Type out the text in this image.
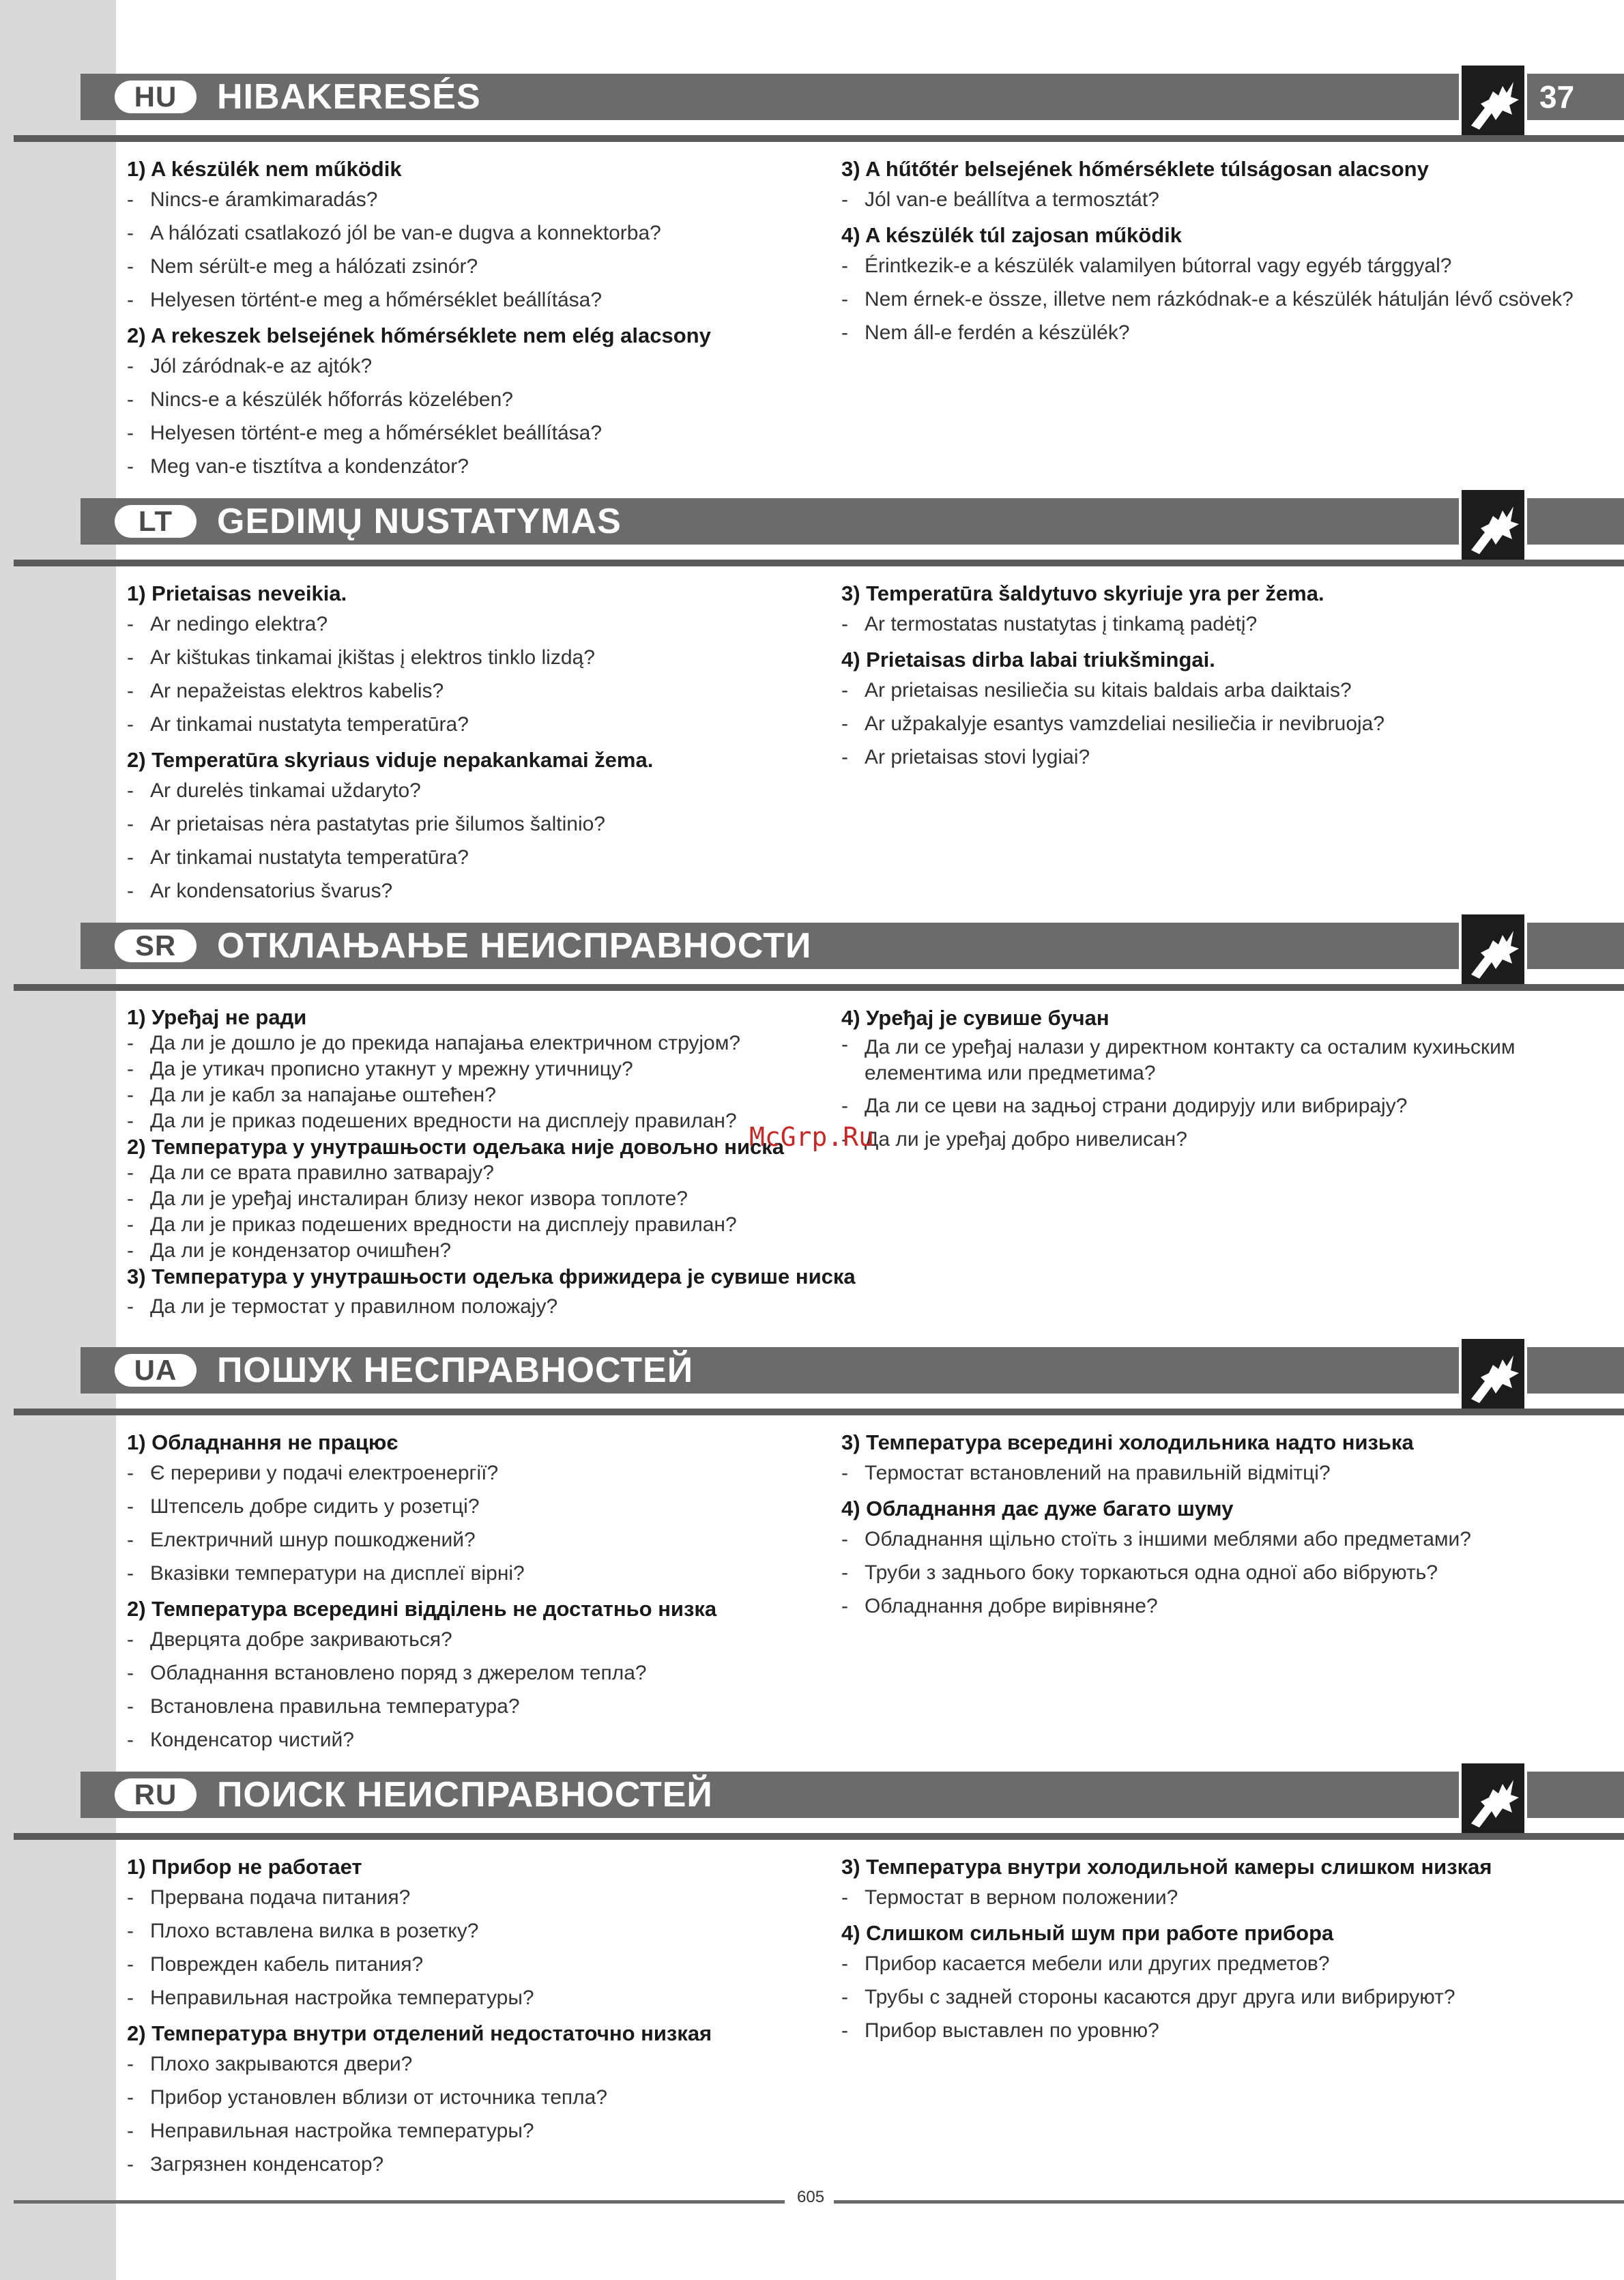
HU	HIBAKERESÉS	37
1) A készülék nem működik
- Nincs-e áramkimaradás?
- A hálózati csatlakozó jól be van-e dugva a konnektorba?
- Nem sérült-e meg a hálózati zsinór?
- Helyesen történt-e meg a hőmérséklet beállítása?
2) A rekeszek belsejének hőmérséklete nem elég alacsony
- Jól záródnak-e az ajtók?
- Nincs-e a készülék hőforrás közelében?
- Helyesen történt-e meg a hőmérséklet beállítása?
- Meg van-e tisztítva a kondenzátor?
3) A hűtőtér belsejének hőmérséklete túlságosan alacsony
- Jól van-e beállítva a termosztát?
4) A készülék túl zajosan működik
- Érintkezik-e a készülék valamilyen bútorral vagy egyéb tárggyal?
- Nem érnek-e össze, illetve nem rázkódnak-e a készülék hátulján lévő csövek?
- Nem áll-e ferdén a készülék?
LT	GEDIMŲ NUSTATYMAS
1) Prietaisas neveikia.
- Ar nedingo elektra?
- Ar kištukas tinkamai įkištas į elektros tinklo lizdą?
- Ar nepažeistas elektros kabelis?
- Ar tinkamai nustatyta temperatūra?
2) Temperatūra skyriaus viduje nepakankamai žema.
- Ar durelės tinkamai uždaryto?
- Ar prietaisas nėra pastatytas prie šilumos šaltinio?
- Ar tinkamai nustatyta temperatūra?
- Ar kondensatorius švarus?
3) Temperatūra šaldytuvo skyriuje yra per žema.
- Ar termostatas nustatytas į tinkamą padėtį?
4) Prietaisas dirba labai triukšmingai.
- Ar prietaisas nesiliečia su kitais baldais arba daiktais?
- Ar užpakalyje esantys vamzdeliai nesiliečia ir nevibruoja?
- Ar prietaisas stovi lygiai?
SR	ОТКЛАЊАЊЕ НЕИСПРАВНОСТИ
1) Уређај не ради
- Да ли је дошло је до прекида напајања електричном струјом?
- Да је утикач прописно утакнут у мрежну утичницу?
- Да ли је кабл за напајање оштећен?
- Да ли је приказ подешених вредности на дисплеју правилан?
2) Температура у унутрашњости одељака није довољно ниска
- Да ли се врата правилно затварају?
- Да ли је уређај инсталиран близу неког извора топлоте?
- Да ли је приказ подешених вредности на дисплеју правилан?
- Да ли је кондензатор очишћен?
3) Температура у унутрашњости одељка фрижидера је сувише ниска
- Да ли је термостат у правилном положају?
4) Уређај је сувише бучан
- Да ли се уређај налази у директном контакту са осталим кухињским елементима или предметима?
- Да ли се цеви на задњој страни додирују или вибрирају?
- Да ли је уређај добро нивелисан?
McGrp.Ru
UA	ПОШУК НЕСПРАВНОСТЕЙ
1) Обладнання не працює
- Є перериви у подачі електроенергії?
- Штепсель добре сидить у розетці?
- Електричний шнур пошкоджений?
- Вказівки температури на дисплеї вірні?
2) Температура всередині відділень не достатньо низка
- Дверцята добре закриваються?
- Обладнання встановлено поряд з джерелом тепла?
- Встановлена правильна температура?
- Конденсатор чистий?
3) Температура всередині холодильника надто низька
- Термостат встановлений на правильній відмітці?
4) Обладнання дає дуже багато шуму
- Обладнання щільно стоїть з іншими меблями або предметами?
- Труби з заднього боку торкаються одна одної або вібрують?
- Обладнання добре вирівняне?
RU	ПОИСК НЕИСПРАВНОСТЕЙ
1) Прибор не работает
- Прервана подача питания?
- Плохо вставлена вилка в розетку?
- Поврежден кабель питания?
- Неправильная настройка температуры?
2) Температура внутри отделений недостаточно низкая
- Плохо закрываются двери?
- Прибор установлен вблизи от источника тепла?
- Неправильная настройка температуры?
- Загрязнен конденсатор?
3) Температура внутри холодильной камеры слишком низкая
- Термостат в верном положении?
4) Слишком сильный шум при работе прибора
- Прибор касается мебели или других предметов?
- Трубы с задней стороны касаются друг друга или вибрируют?
- Прибор выставлен по уровню?
605
